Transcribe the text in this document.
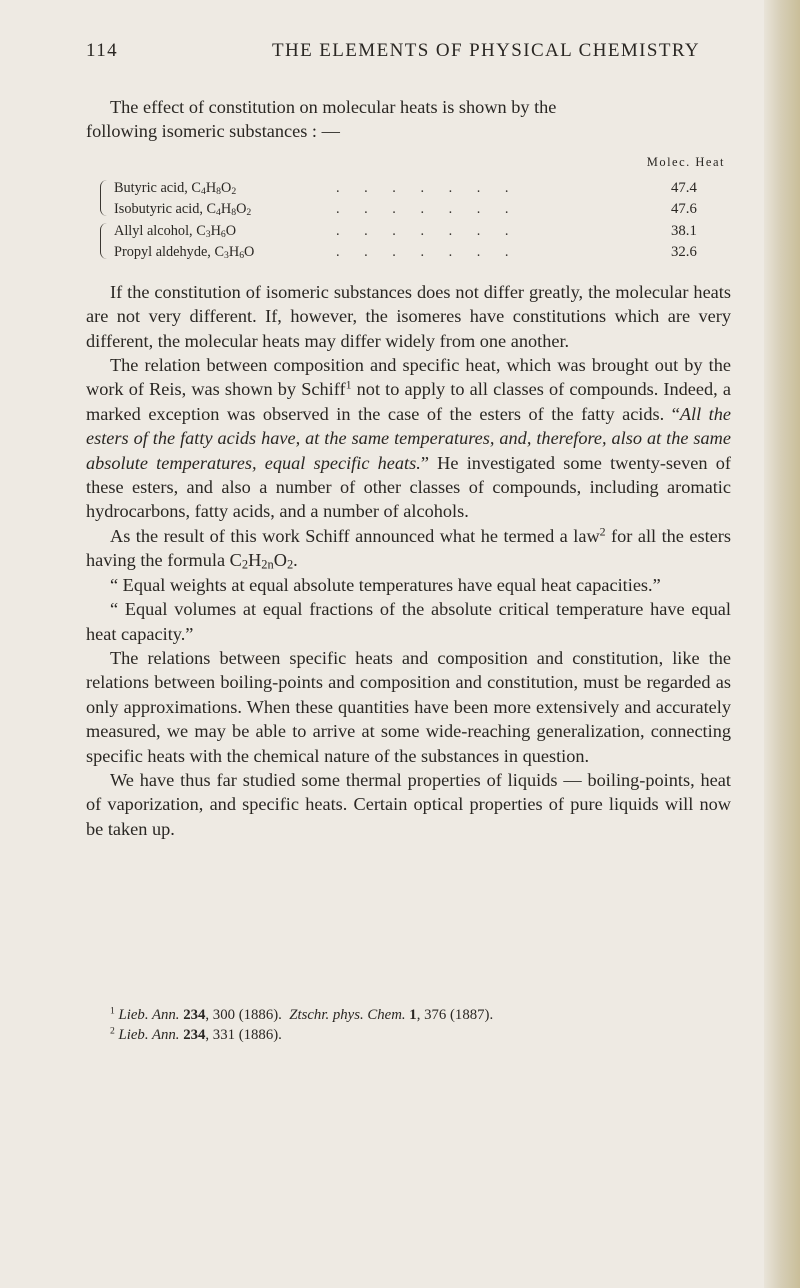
114	THE ELEMENTS OF PHYSICAL CHEMISTRY

The effect of constitution on molecular heats is shown by the
following isomeric substances : —

Molec. Heat
Butyric acid, $C_4H_8O_2$	. . . . . . .	47.4
Isobutyric acid, $C_4H_8O_2$	. . . . . . .	47.6
Allyl alcohol, $C_3H_6O$	. . . . . . .	38.1
Propyl aldehyde, $C_3H_6O$	. . . . . . .	32.6

If the constitution of isomeric substances does not differ greatly, the molecular heats are not very different. If, however, the isomeres have constitutions which are very different, the molecular heats may differ widely from one another.

The relation between composition and specific heat, which was brought out by the work of Reis, was shown by Schiff$^1$ not to apply to all classes of compounds. Indeed, a marked exception was observed in the case of the esters of the fatty acids. “All the esters of the fatty acids have, at the same temperatures, and, therefore, also at the same absolute temperatures, equal specific heats.” He investigated some twenty-seven of these esters, and also a number of other classes of compounds, including aromatic hydrocarbons, fatty acids, and a number of alcohols.

As the result of this work Schiff announced what he termed a law$^2$ for all the esters having the formula $C_2H_{2n}O_2$.

“ Equal weights at equal absolute temperatures have equal heat capacities.”

“ Equal volumes at equal fractions of the absolute critical temperature have equal heat capacity.”

The relations between specific heats and composition and constitution, like the relations between boiling-points and composition and constitution, must be regarded as only approximations. When these quantities have been more extensively and accurately measured, we may be able to arrive at some wide-reaching generalization, connecting specific heats with the chemical nature of the substances in question.

We have thus far studied some thermal properties of liquids — boiling-points, heat of vaporization, and specific heats. Certain optical properties of pure liquids will now be taken up.

$^1$ Lieb. Ann. 234, 300 (1886). Ztschr. phys. Chem. 1, 376 (1887).
$^2$ Lieb. Ann. 234, 331 (1886).
